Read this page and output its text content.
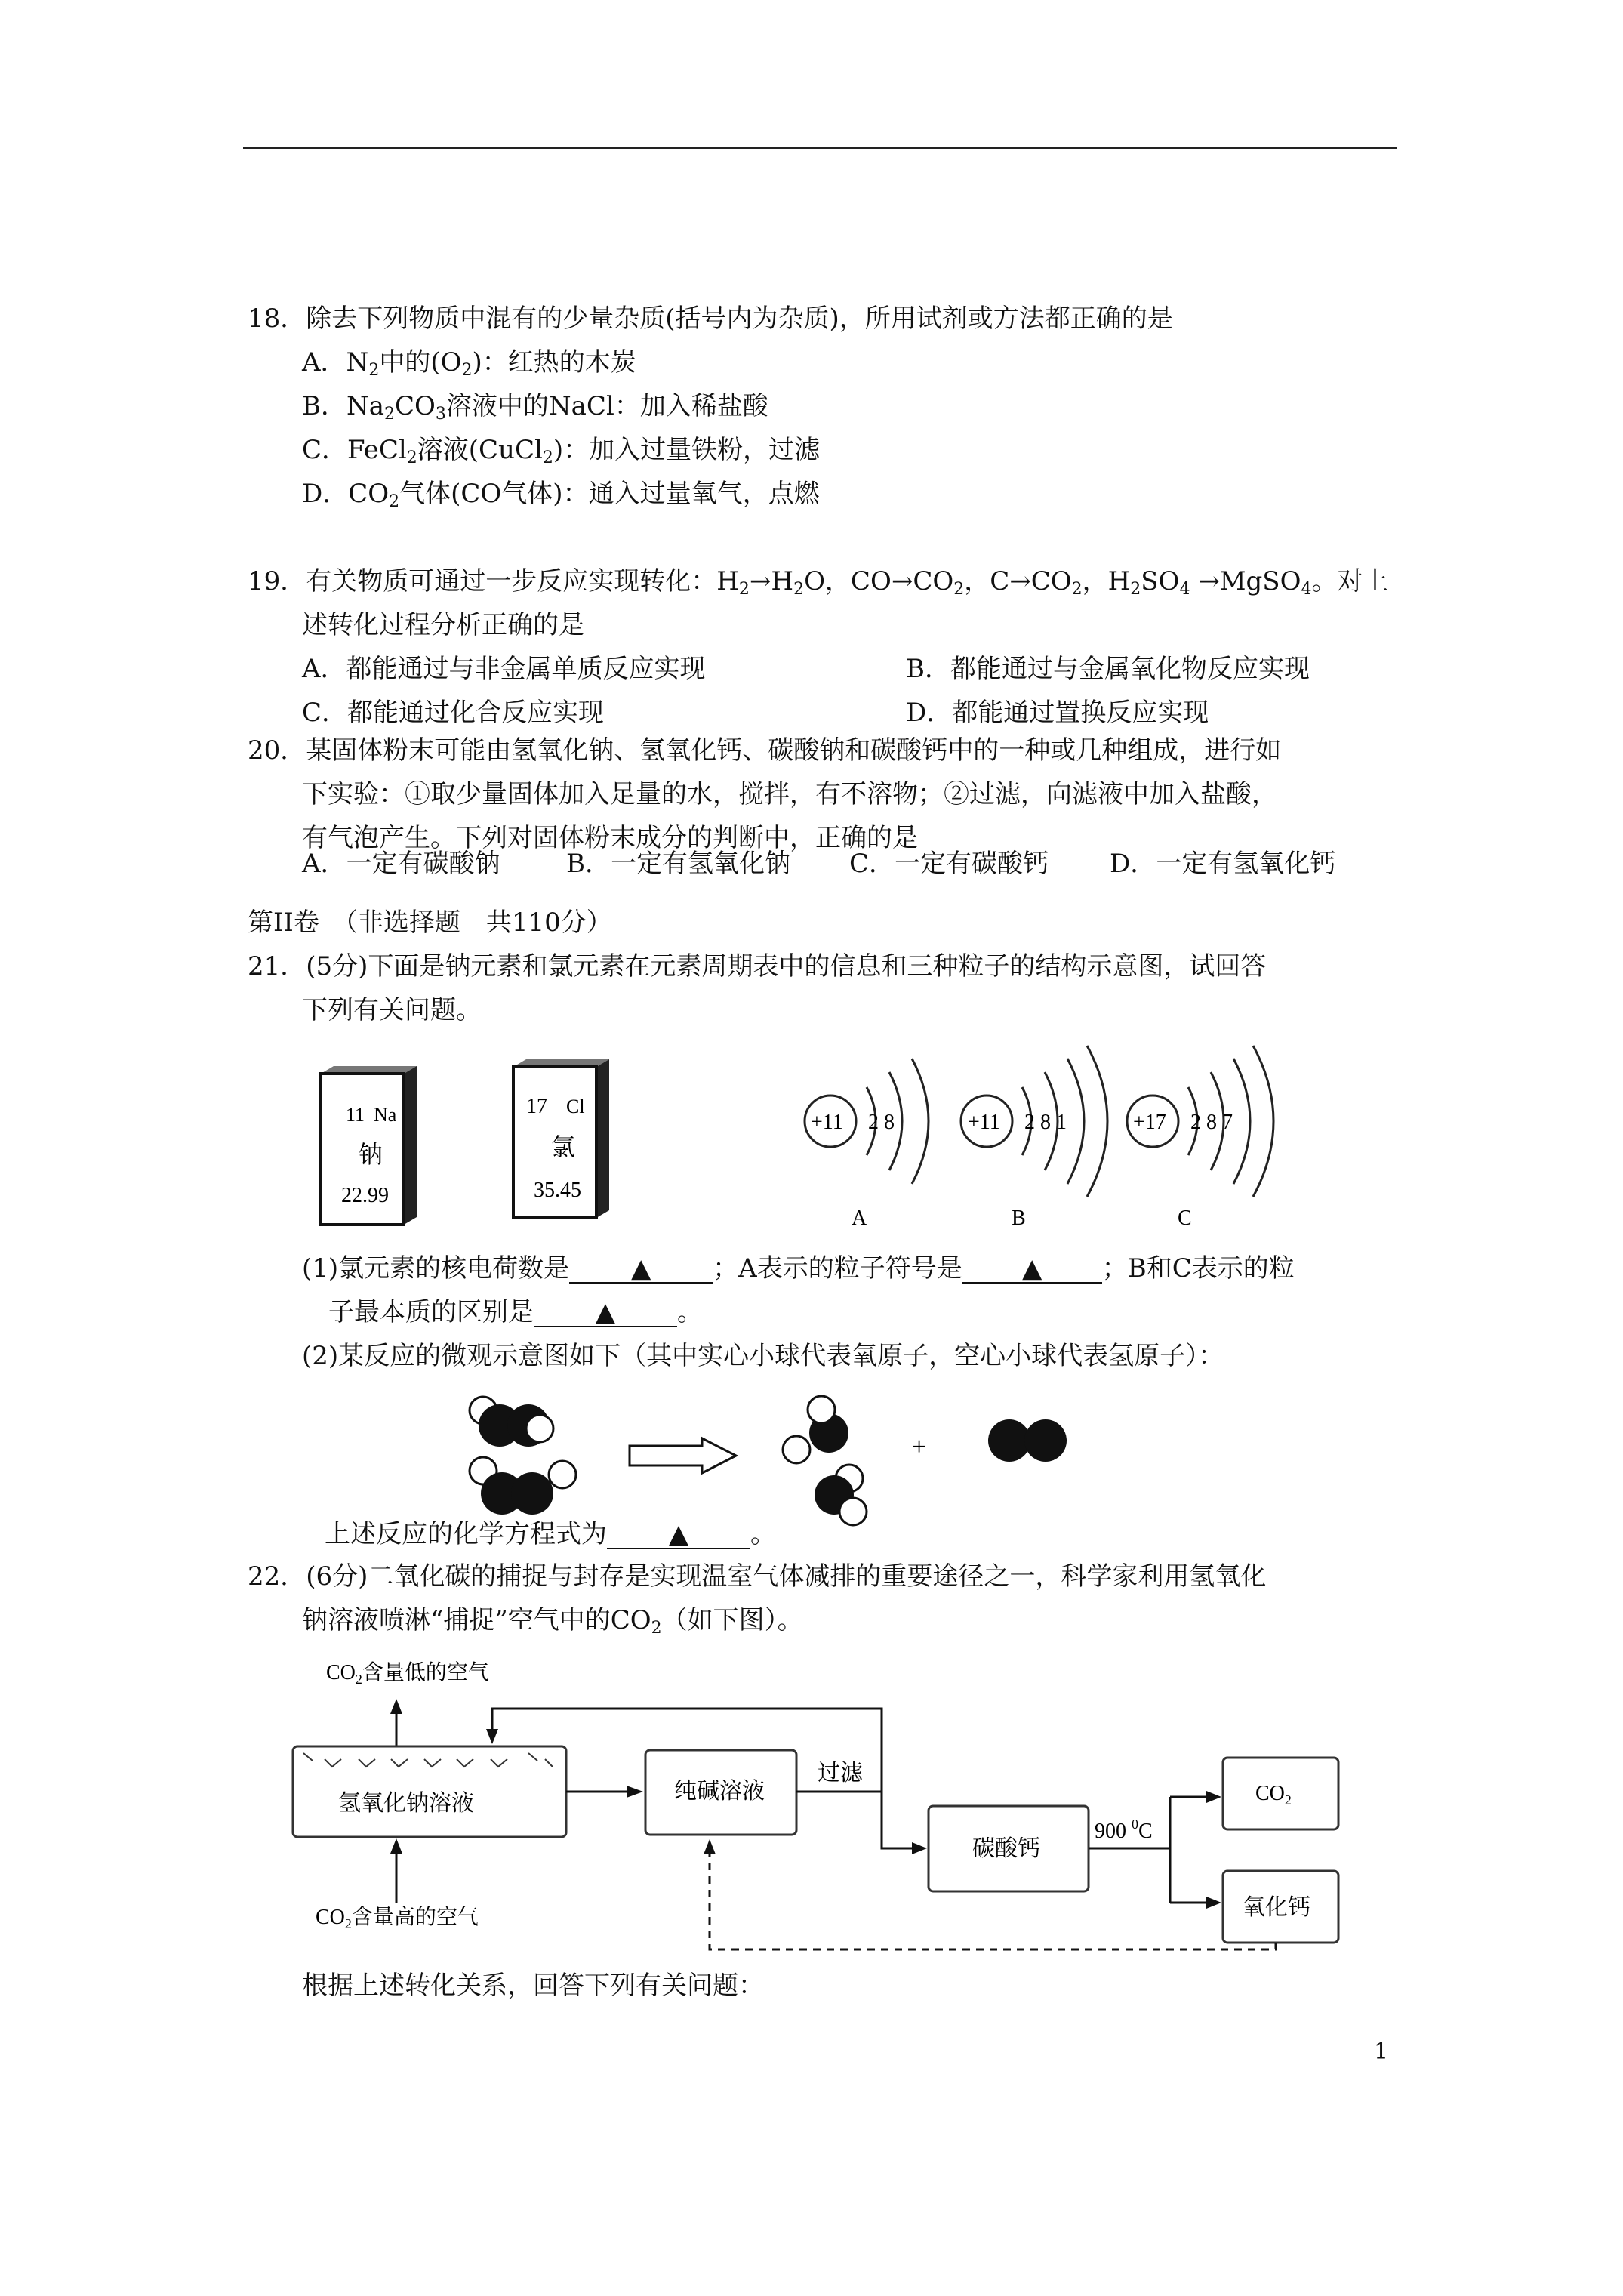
18．除去下列物质中混有的少量杂质(括号内为杂质)，所用试剂或方法都正确的是
A．$N_2$中的$(O_2)$：红热的木炭
B．$Na_2CO_3$溶液中的NaCl：加入稀盐酸
C．FeCl$_2$溶液(CuCl$_2$)：加入过量铁粉，过滤
D．$CO_2$气体(CO气体)：通入过量氧气，点燃
19．有关物质可通过一步反应实现转化：$H_2\to H_2O$，$CO\to CO_2$，$C\to CO_2$，$H_2SO_4$ →MgSO$_4$。对上
述转化过程分析正确的是
A．都能通过与非金属单质反应实现	B．都能通过与金属氧化物反应实现
C．都能通过化合反应实现	D．都能通过置换反应实现
20．某固体粉末可能由氢氧化钠、氢氧化钙、碳酸钠和碳酸钙中的一种或几种组成，进行如
下实验：①取少量固体加入足量的水，搅拌，有不溶物；②过滤，向滤液中加入盐酸，
有气泡产生。下列对固体粉末成分的判断中，正确的是
A．一定有碳酸钠	B．一定有氢氧化钠 C．一定有碳酸钙 D．一定有氢氧化钙
第II卷　（非选择题　共110分）
21．(5分)下面是钠元素和氯元素在元素周期表中的信息和三种粒子的结构示意图，试回答
下列有关问题。
11 Na
钠
22.99
17 Cl
氯
35.45
+11 2 8
A
+11 2 8 1
B
+17 2 8 7
C
+
$CO_2$含量低的空气
氢氧化钠溶液
$CO_2$含量高的空气
纯碱溶液
过滤
碳酸钙
900 $^0$C
$CO_2$
氧化钙
(1)氯元素的核电荷数是 ▲ ；A表示的粒子符号是 ▲ ；B和C表示的粒
子最本质的区别是 ▲ 。
(2)某反应的微观示意图如下（其中实心小球代表氧原子，空心小球代表氢原子）：
上述反应的化学方程式为 ▲ 。
22．(6分)二氧化碳的捕捉与封存是实现温室气体减排的重要途径之一，科学家利用氢氧化
钠溶液喷淋“捕捉”空气中的$CO_2$（如下图）。
根据上述转化关系，回答下列有关问题：
1
